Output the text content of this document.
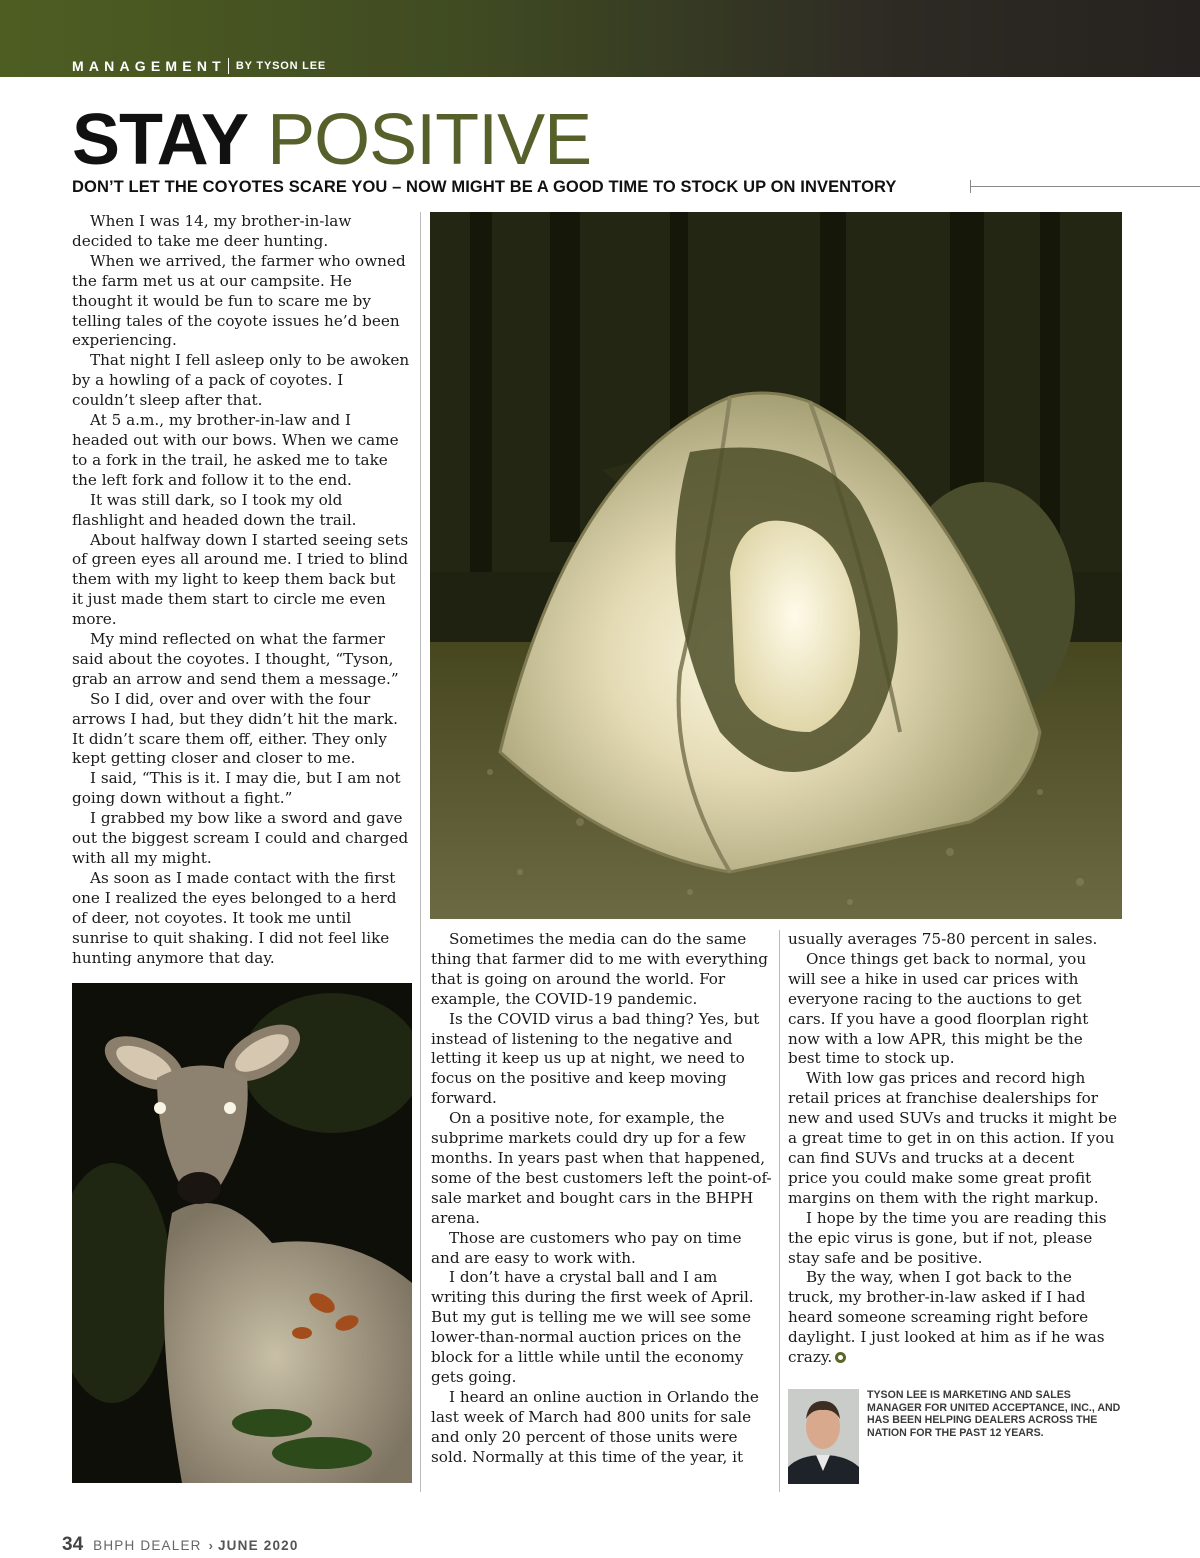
MANAGEMENT BY TYSON LEE
STAY POSITIVE
DON’T LET THE COYOTES SCARE YOU – NOW MIGHT BE A GOOD TIME TO STOCK UP ON INVENTORY

When I was 14, my brother-in-law decided to take me deer hunting.

When we arrived, the farmer who owned the farm met us at our campsite. He thought it would be fun to scare me by telling tales of the coyote issues he’d been experiencing.

That night I fell asleep only to be awoken by a howling of a pack of coyotes. I couldn’t sleep after that.

At 5 a.m., my brother-in-law and I headed out with our bows. When we came to a fork in the trail, he asked me to take the left fork and follow it to the end.

It was still dark, so I took my old flashlight and headed down the trail.

About halfway down I started seeing sets of green eyes all around me. I tried to blind them with my light to keep them back but it just made them start to circle me even more.

My mind reflected on what the farmer said about the coyotes. I thought, “Tyson, grab an arrow and send them a message.”

So I did, over and over with the four arrows I had, but they didn’t hit the mark. It didn’t scare them off, either. They only kept getting closer and closer to me.

I said, “This is it. I may die, but I am not going down without a fight.”

I grabbed my bow like a sword and gave out the biggest scream I could and charged with all my might.

As soon as I made contact with the first one I realized the eyes belonged to a herd of deer, not coyotes. It took me until sunrise to quit shaking. I did not feel like hunting anymore that day.

Sometimes the media can do the same thing that farmer did to me with everything that is going on around the world. For example, the COVID-19 pandemic.

Is the COVID virus a bad thing? Yes, but instead of listening to the negative and letting it keep us up at night, we need to focus on the positive and keep moving forward.

On a positive note, for example, the subprime markets could dry up for a few months. In years past when that happened, some of the best customers left the point-of-sale market and bought cars in the BHPH arena.

Those are customers who pay on time and are easy to work with.

I don’t have a crystal ball and I am writing this during the first week of April. But my gut is telling me we will see some lower-than-normal auction prices on the block for a little while until the economy gets going.

I heard an online auction in Orlando the last week of March had 800 units for sale and only 20 percent of those units were sold. Normally at this time of the year, it

usually averages 75-80 percent in sales.

Once things get back to normal, you will see a hike in used car prices with everyone racing to the auctions to get cars. If you have a good floorplan right now with a low APR, this might be the best time to stock up.

With low gas prices and record high retail prices at franchise dealerships for new and used SUVs and trucks it might be a great time to get in on this action. If you can find SUVs and trucks at a decent price you could make some great profit margins on them with the right markup.

I hope by the time you are reading this the epic virus is gone, but if not, please stay safe and be positive.

By the way, when I got back to the truck, my brother-in-law asked if I had heard someone screaming right before daylight. I just looked at him as if he was crazy.

TYSON LEE IS MARKETING AND SALES MANAGER FOR UNITED ACCEPTANCE, INC., AND HAS BEEN HELPING DEALERS ACROSS THE NATION FOR THE PAST 12 YEARS.
34 BHPH DEALER › JUNE 2020
